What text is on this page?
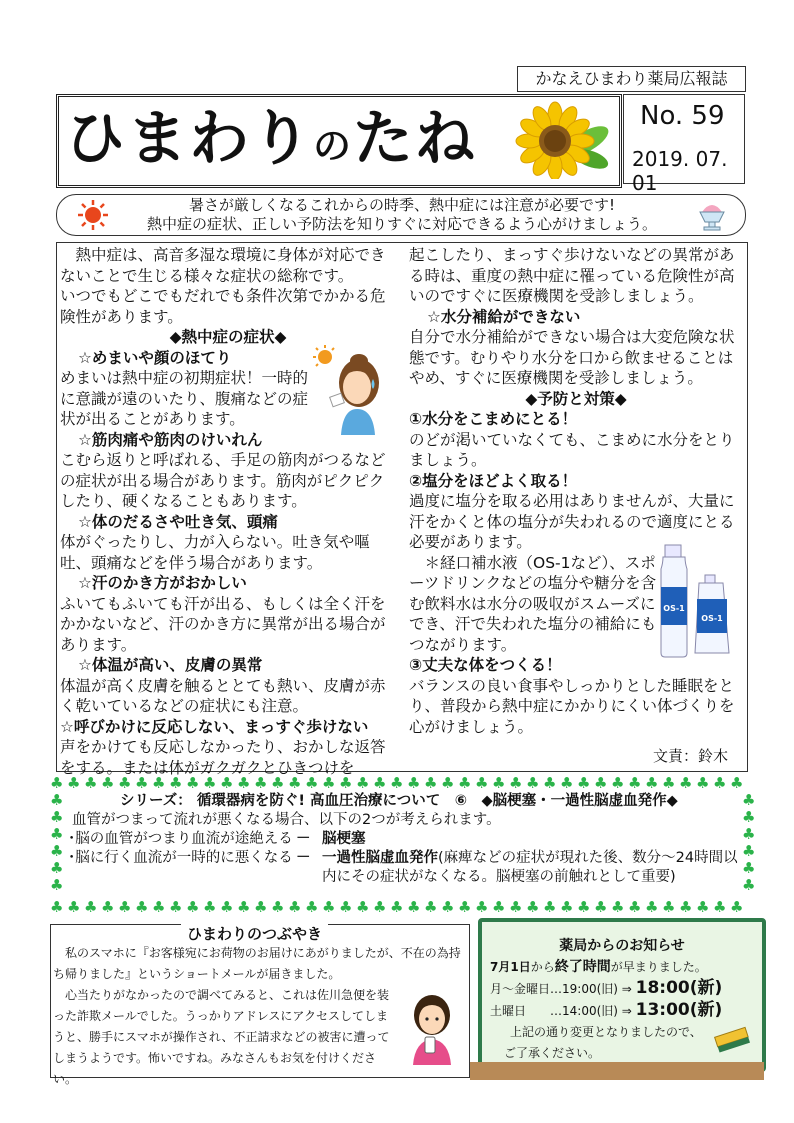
かなえひまわり薬局広報誌
ひまわりのたね	No. 59
2019. 07. 01

暑さが厳しくなるこれからの時季、熱中症には注意が必要です!

熱中症の症状、正しい予防法を知りすぐに対応できるよう心がけましょう。

　熱中症は、高音多湿な環境に身体が対応できないことで生じる様々な症状の総称です。

いつでもどこでもだれでも条件次第でかかる危険性があります。

◆熱中症の症状◆

☆めまいや顔のほてり

めまいは熱中症の初期症状！一時的に意識が遠のいたり、腹痛などの症状が出ることがあります。

☆筋肉痛や筋肉のけいれん

こむら返りと呼ばれる、手足の筋肉がつるなどの症状が出る場合があります。筋肉がピクピクしたり、硬くなることもあります。

☆体のだるさや吐き気、頭痛

体がぐったりし、力が入らない。吐き気や嘔吐、頭痛などを伴う場合があります。

☆汗のかき方がおかしい

ふいてもふいても汗が出る、もしくは全く汗をかかないなど、汗のかき方に異常が出る場合があります。

☆体温が高い、皮膚の異常

体温が高く皮膚を触るととても熱い、皮膚が赤く乾いているなどの症状にも注意。

☆呼びかけに反応しない、まっすぐ歩けない

声をかけても反応しなかったり、おかしな返答をする。または体がガクガクとひきつけを

起こしたり、まっすぐ歩けないなどの異常がある時は、重度の熱中症に罹っている危険性が高いのですぐに医療機関を受診しましょう。

☆水分補給ができない

自分で水分補給ができない場合は大変危険な状態です。むりやり水分を口から飲ませることはやめ、すぐに医療機関を受診しましょう。

◆予防と対策◆

①水分をこまめにとる！

のどが渇いていなくても、こまめに水分をとりましょう。

②塩分をほどよく取る！

過度に塩分を取る必用はありませんが、大量に汗をかくと体の塩分が失われるので適度にとる必要があります。

　＊経口補水液（OS-1など）、スポーツドリンクなどの塩分や糖分を含む飲料水は水分の吸収がスムーズにでき、汗で失われた塩分の補給にもつながります。

③丈夫な体をつくる！

バランスの良い食事やしっかりとした睡眠をとり、普段から熱中症にかかりにくい体づくりを心がけましょう。

OS-1
OS-1
文責：鈴木
♣
♣
♣
♣
♣
♣
♣
♣
♣
♣
♣
♣
♣
♣
♣
♣
♣
♣
♣
♣
♣
♣
♣
♣
♣
♣
♣
♣
♣
♣
♣
♣
♣
♣
♣
♣
♣
♣
♣
♣
♣
♣
♣
♣
♣
♣
♣
♣
♣
♣
♣
♣
♣
♣
♣
♣
♣
♣
♣
♣
♣
♣
♣
♣
♣
♣
♣
♣
♣
♣
♣
♣
♣
♣
♣
♣
♣
♣
♣
♣
♣
♣
♣	♣
♣	♣
♣	♣
♣	♣
♣	♣
♣	♣

シリーズ： 循環器病を防ぐ! 高血圧治療について　⑥　◆脳梗塞・一過性脳虚血発作◆

血管がつまって流れが悪くなる場合、以下の2つが考えられます。

･脳の血管がつまり血流が途絶える － 脳梗塞
･脳に行く血流が一時的に悪くなる － 一過性脳虚血発作(麻痺などの症状が現れた後、数分～24時間以内にその症状がなくなる。脳梗塞の前触れとして重要)
ひまわりのつぶやき

　私のスマホに『お客様宛にお荷物のお届けにあがりましたが、不在の為持ち帰りました』というショートメールが届きました。

　心当たりがなかったので調べてみると、これは佐川急便を装った詐欺メールでした。うっかりアドレスにアクセスしてしまうと、勝手にスマホが操作され、不正請求などの被害に遭ってしまうようです。怖いですね。みなさんもお気を付けください。

薬局からのお知らせ

7月1日から終了時間が早まりました。

月～金曜日…19:00(旧) ⇒ 18:00(新)

土曜日　　…14:00(旧) ⇒ 13:00(新)

上記の通り変更となりましたので、

ご了承ください。
